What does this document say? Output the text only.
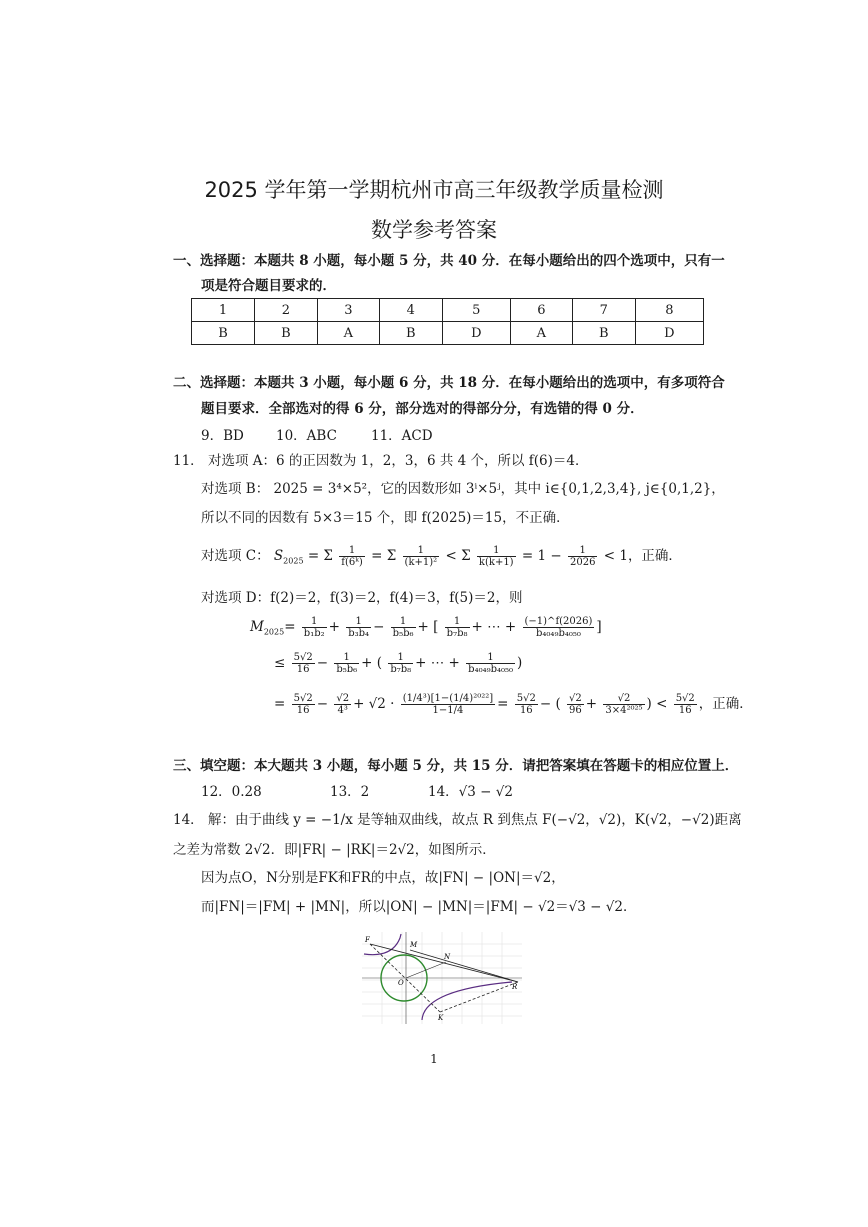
2025 学年第一学期杭州市高三年级教学质量检测
数学参考答案
一、选择题：本题共 8 小题，每小题 5 分，共 40 分．在每小题给出的四个选项中，只有一
项是符合题目要求的．
1	2	3	4	5	6	7	8
B	B	A	B	D	A	B	D
二、选择题：本题共 3 小题，每小题 6 分，共 18 分．在每小题给出的选项中，有多项符合
题目要求．全部选对的得 6 分，部分选对的得部分分，有选错的得 0 分．
9．BD 10．ABC	11．ACD
11． 对选项 A：6 的正因数为 1，2，3，6 共 4 个，所以 f(6)＝4．
对选项 B： 2025 = 3⁴×5²，它的因数形如 3ⁱ×5ʲ，其中 i∈{0,1,2,3,4}, j∈{0,1,2}，
所以不同的因数有 5×3＝15 个，即 f(2025)＝15，不正确．
对选项 C： $S_{2025} = \Sigma \frac{1}{\text{f(6ᵏ)}} = \Sigma \frac{1}{\text{(k+1)²}} < \Sigma \frac{1}{k(k+1)} = 1 - \frac{1}{2026} < 1$，正确．
对选项 D：f(2)＝2，f(3)＝2，f(4)＝3，f(5)＝2，则
$M_{2025}= \frac{1}{\text{b₁b₂}} + \frac{1}{\text{b₃b₄}} - \frac{1}{\text{b₅b₆}}$ + [ $\frac{1}{\text{b₇b₈}}$ + ⋯ + $\frac{(-1)\^{}f(2026)}{\text{b₄₀₄₉b₄₀₅₀}}$ ]
≤ $\frac{5√2}{16} - \frac{1}{\text{b₅b₆}}$ + ( $\frac{1}{\text{b₇b₈}}$ + ⋯ + $\frac{1}{\text{b₄₀₄₉b₄₀₅₀}}$ )
= $\frac{5√2}{16} - \frac{√2}{\text{4³}} + √2 \cdot \frac{\text{(1/4³)[1−(1/4)²⁰²²]}}{1-1/4} = \frac{5√2}{16}$ − ( $\frac{√2}{96} + \frac{√2}{\text{3×4²⁰²⁵}}$ ) < $\frac{5√2}{16}$ ，正确．
三、填空题：本大题共 3 小题，每小题 5 分，共 15 分．请把答案填在答题卡的相应位置上．
12．0.28	13．2	14．√3 − √2
14． 解：由于曲线 y = −1/x 是等轴双曲线，故点 R 到焦点 F(−√2，√2)，K(√2，−√2)距离
之差为常数 2√2．即|FR| − |RK|＝2√2，如图所示．
因为点O，N分别是FK和FR的中点，故|FN| − |ON|＝√2，
而|FN|＝|FM| + |MN|，所以|ON| − |MN|＝|FM| − √2＝√3 − √2．
F
M
N
O	R
K
1
